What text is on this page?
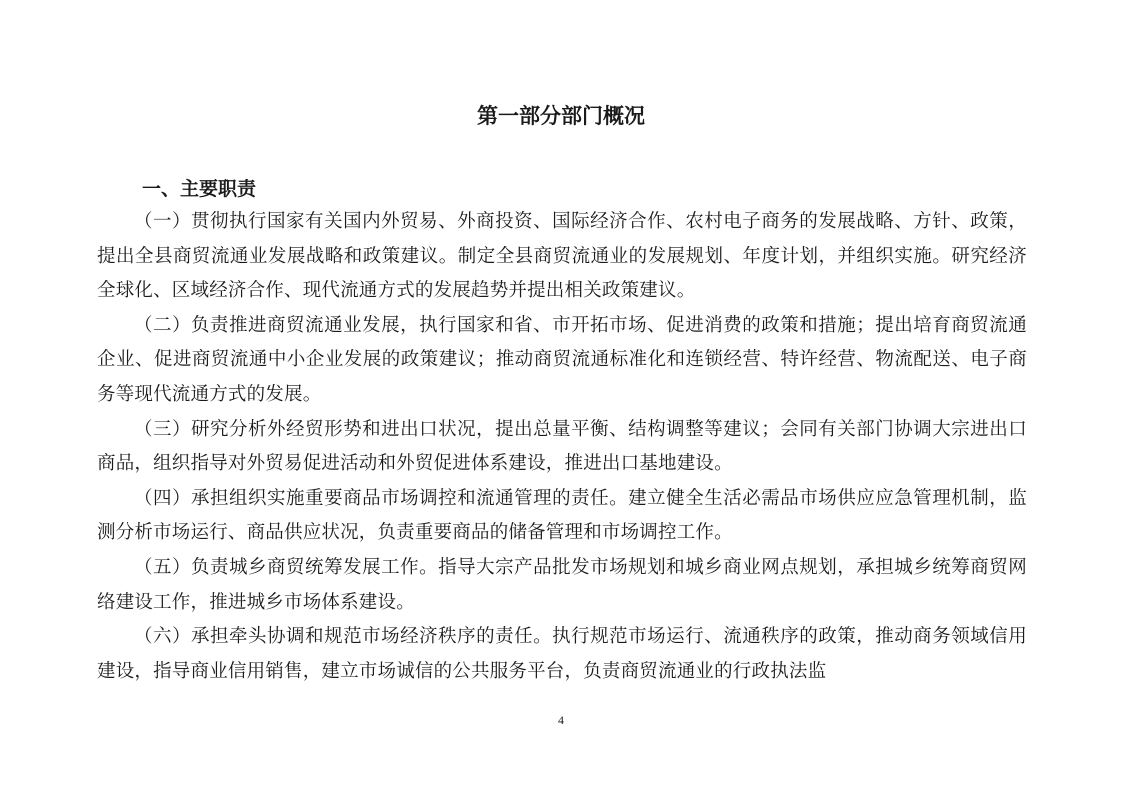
第一部分部门概况
一、主要职责

（一）贯彻执行国家有关国内外贸易、外商投资、国际经济合作、农村电子商务的发展战略、方针、政策，提出全县商贸流通业发展战略和政策建议。制定全县商贸流通业的发展规划、年度计划，并组织实施。研究经济全球化、区域经济合作、现代流通方式的发展趋势并提出相关政策建议。

（二）负责推进商贸流通业发展，执行国家和省、市开拓市场、促进消费的政策和措施；提出培育商贸流通企业、促进商贸流通中小企业发展的政策建议；推动商贸流通标准化和连锁经营、特许经营、物流配送、电子商务等现代流通方式的发展。

（三）研究分析外经贸形势和进出口状况，提出总量平衡、结构调整等建议；会同有关部门协调大宗进出口商品，组织指导对外贸易促进活动和外贸促进体系建设，推进出口基地建设。

（四）承担组织实施重要商品市场调控和流通管理的责任。建立健全生活必需品市场供应应急管理机制，监测分析市场运行、商品供应状况，负责重要商品的储备管理和市场调控工作。

（五）负责城乡商贸统筹发展工作。指导大宗产品批发市场规划和城乡商业网点规划，承担城乡统筹商贸网络建设工作，推进城乡市场体系建设。

（六）承担牵头协调和规范市场经济秩序的责任。执行规范市场运行、流通秩序的政策，推动商务领域信用建设，指导商业信用销售，建立市场诚信的公共服务平台，负责商贸流通业的行政执法监

4
